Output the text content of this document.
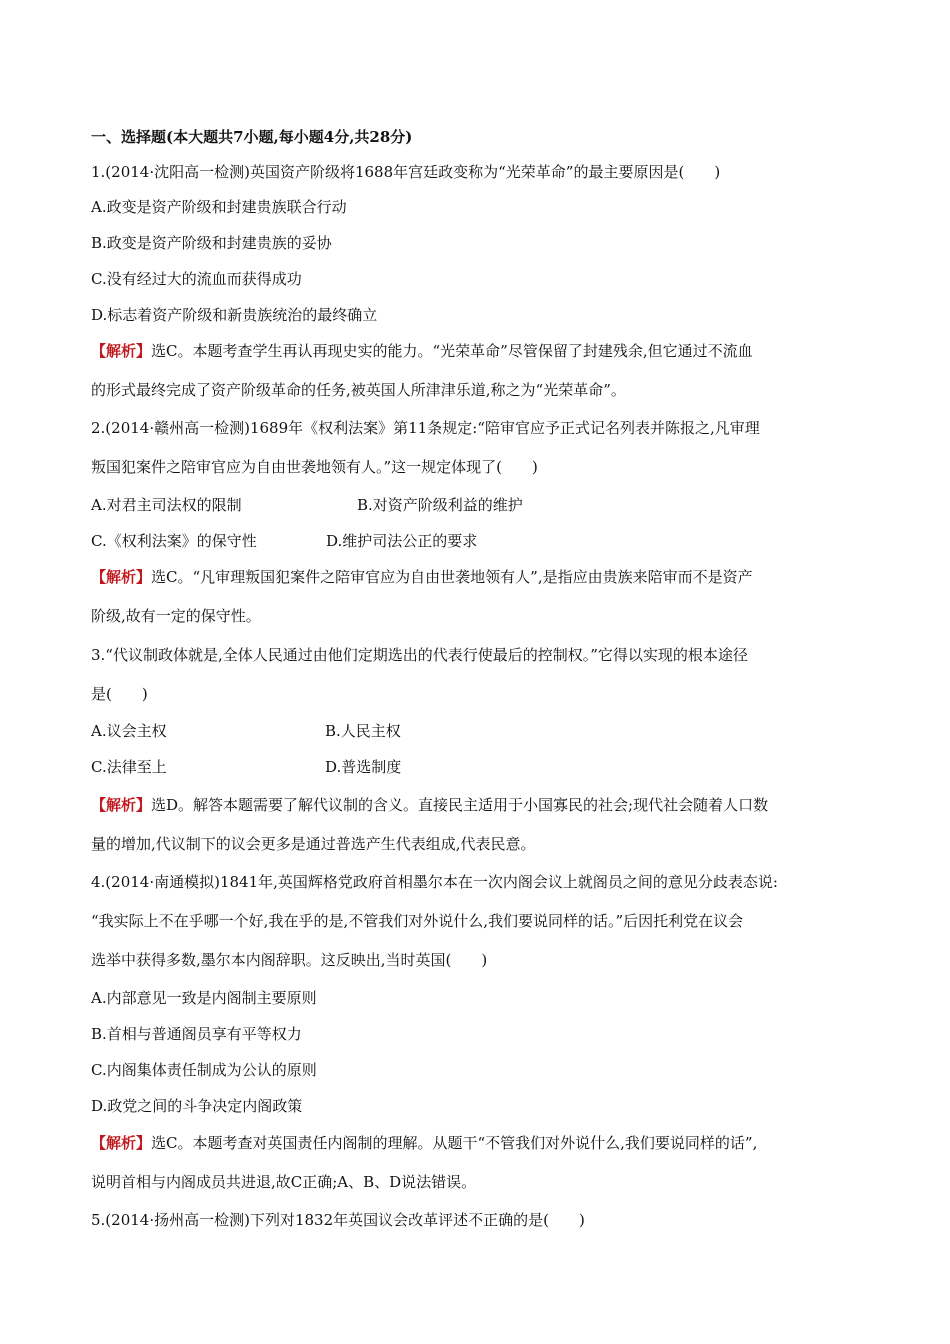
一、选择题(本大题共7小题,每小题4分,共28分)
1.(2014·沈阳高一检测)英国资产阶级将1688年宫廷政变称为“光荣革命”的最主要原因是(　　)
A.政变是资产阶级和封建贵族联合行动
B.政变是资产阶级和封建贵族的妥协
C.没有经过大的流血而获得成功
D.标志着资产阶级和新贵族统治的最终确立
【解析】选C。本题考查学生再认再现史实的能力。“光荣革命”尽管保留了封建残余,但它通过不流血
的形式最终完成了资产阶级革命的任务,被英国人所津津乐道,称之为“光荣革命”。
2.(2014·赣州高一检测)1689年《权利法案》第11条规定:“陪审官应予正式记名列表并陈报之,凡审理
叛国犯案件之陪审官应为自由世袭地领有人。”这一规定体现了(　　)
A.对君主司法权的限制	B.对资产阶级利益的维护
C.《权利法案》的保守性	D.维护司法公正的要求
【解析】选C。“凡审理叛国犯案件之陪审官应为自由世袭地领有人”,是指应由贵族来陪审而不是资产
阶级,故有一定的保守性。
3.“代议制政体就是,全体人民通过由他们定期选出的代表行使最后的控制权。”它得以实现的根本途径
是(　　)
A.议会主权	B.人民主权
C.法律至上	D.普选制度
【解析】选D。解答本题需要了解代议制的含义。直接民主适用于小国寡民的社会;现代社会随着人口数
量的增加,代议制下的议会更多是通过普选产生代表组成,代表民意。
4.(2014·南通模拟)1841年,英国辉格党政府首相墨尔本在一次内阁会议上就阁员之间的意见分歧表态说:
“我实际上不在乎哪一个好,我在乎的是,不管我们对外说什么,我们要说同样的话。”后因托利党在议会
选举中获得多数,墨尔本内阁辞职。这反映出,当时英国(　　)
A.内部意见一致是内阁制主要原则
B.首相与普通阁员享有平等权力
C.内阁集体责任制成为公认的原则
D.政党之间的斗争决定内阁政策
【解析】选C。本题考查对英国责任内阁制的理解。从题干“不管我们对外说什么,我们要说同样的话”,
说明首相与内阁成员共进退,故C正确;A、B、D说法错误。
5.(2014·扬州高一检测)下列对1832年英国议会改革评述不正确的是(　　)
